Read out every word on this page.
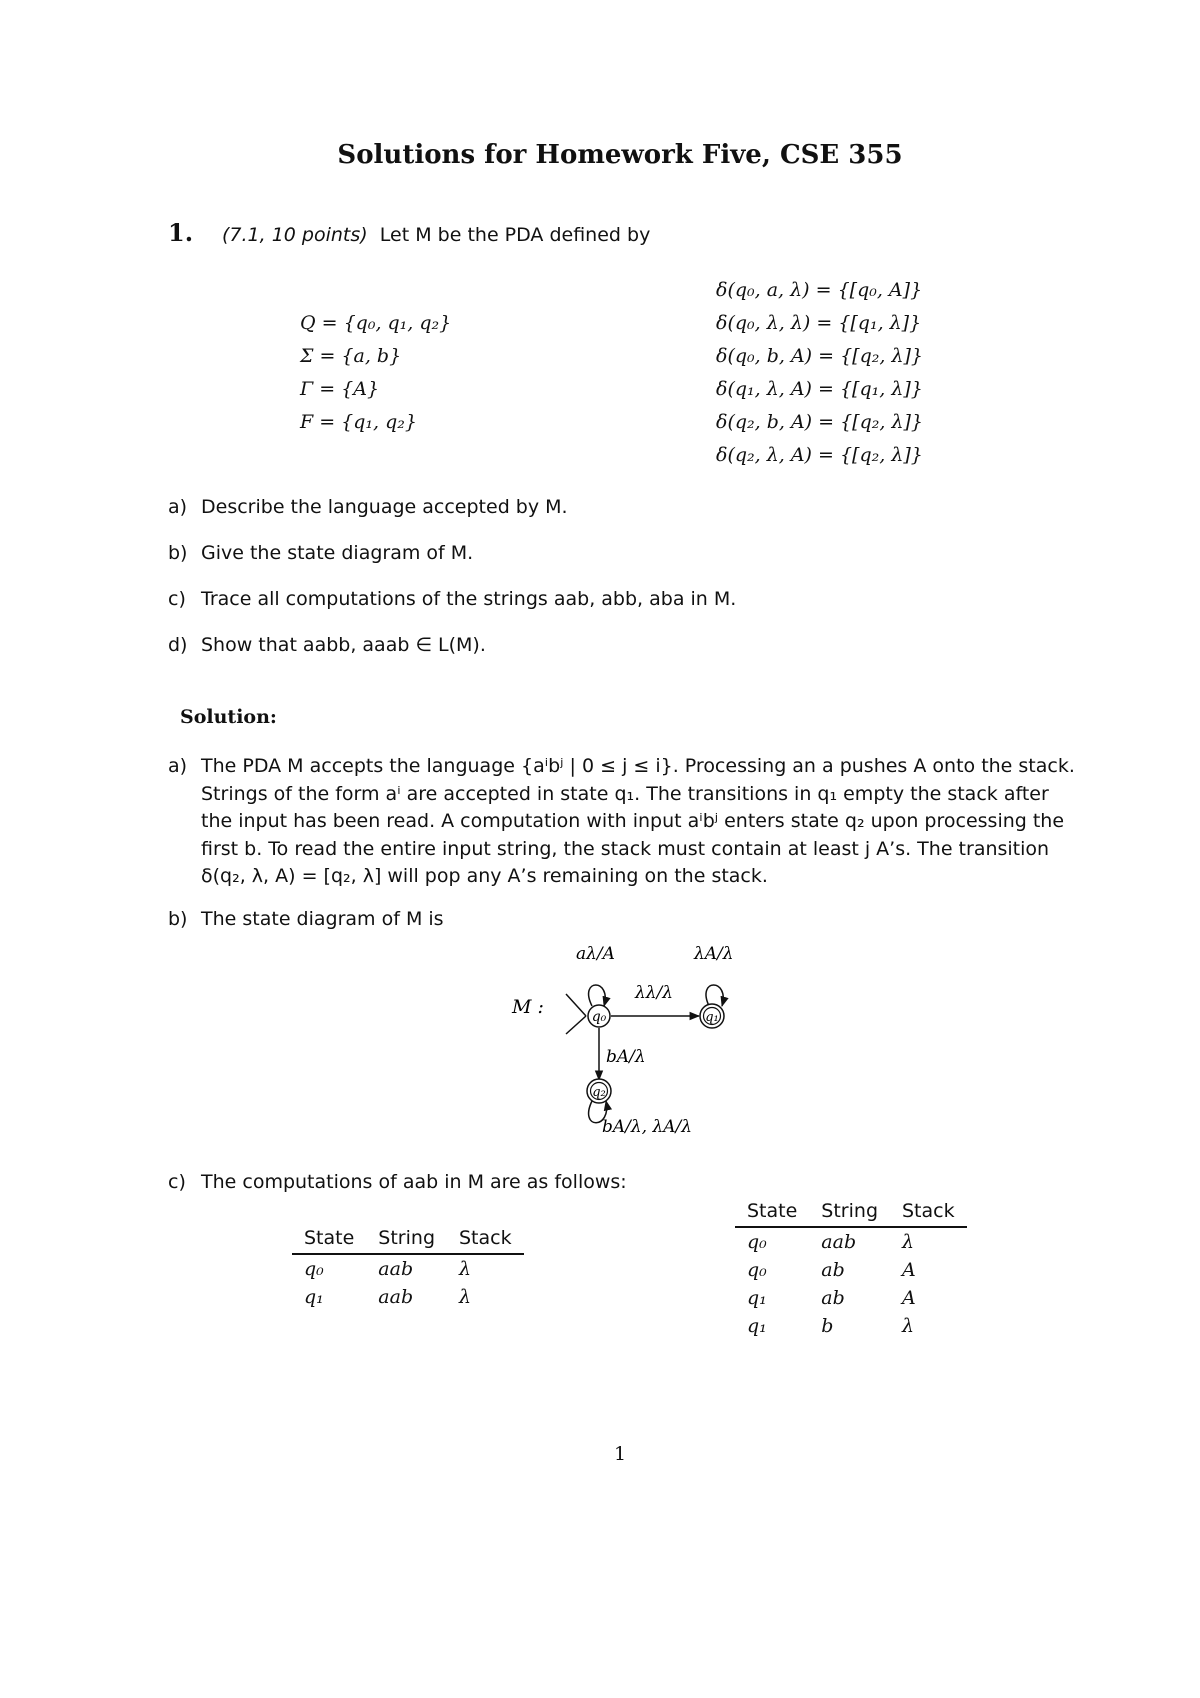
Solutions for Homework Five, CSE 355
1. (7.1, 10 points) Let M be the PDA defined by
Q = {q₀, q₁, q₂}
Σ = {a, b}
Γ = {A}
F = {q₁, q₂}
δ(q₀, a, λ) = {[q₀, A]}
δ(q₀, λ, λ) = {[q₁, λ]}
δ(q₀, b, A) = {[q₂, λ]}
δ(q₁, λ, A) = {[q₁, λ]}
δ(q₂, b, A) = {[q₂, λ]}
δ(q₂, λ, A) = {[q₂, λ]}
a) Describe the language accepted by M.
b) Give the state diagram of M.
c) Trace all computations of the strings aab, abb, aba in M.
d) Show that aabb, aaab ∈ L(M).
Solution:
a) The PDA M accepts the language {aⁱbʲ | 0 ≤ j ≤ i}. Processing an a pushes A onto the stack.
Strings of the form aⁱ are accepted in state q₁. The transitions in q₁ empty the stack after
the input has been read. A computation with input aⁱbʲ enters state q₂ upon processing the
first b. To read the entire input string, the stack must contain at least j A’s. The transition
δ(q₂, λ, A) = [q₂, λ] will pop any A’s remaining on the stack.
b) The state diagram of M is
M :
aλ/A
λλ/λ
λA/λ
bA/λ
bA/λ, λA/λ
q₀	q₁
q₂
c) The computations of aab in M are as follows:
State	String	Stack
q₀	aab	λ
q₁	aab	λ
State	String	Stack
q₀	aab	λ
q₀	ab	A
q₁	ab	A
q₁	b	λ
1
